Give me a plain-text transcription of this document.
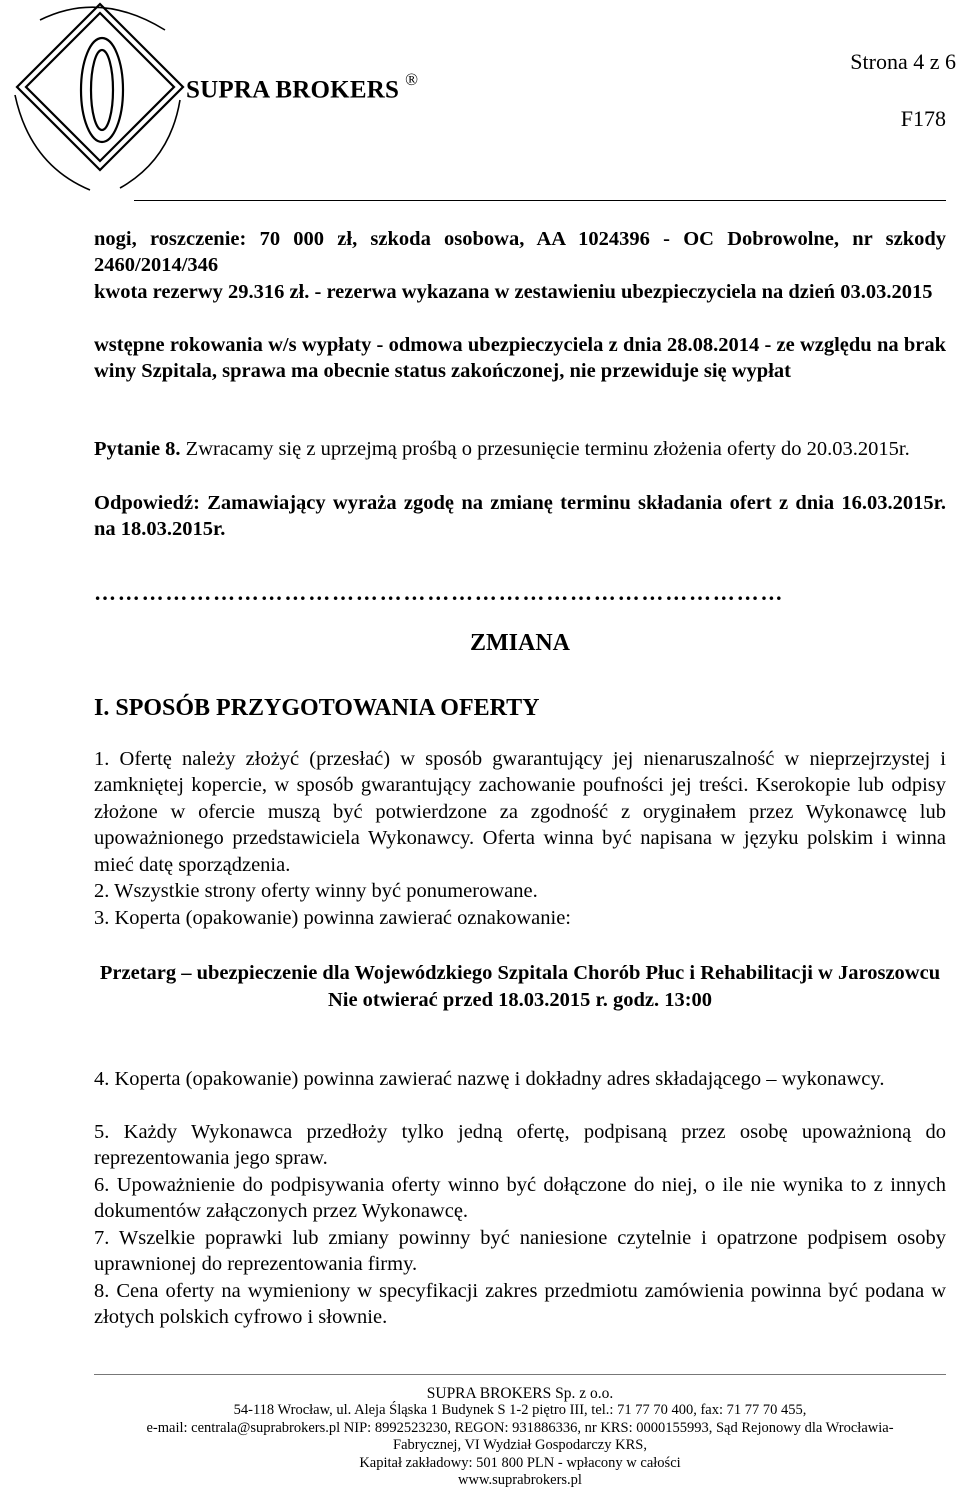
SUPRA BROKERS ®
Strona 4 z 6
F178
nogi, roszczenie: 70 000 zł, szkoda osobowa, AA 1024396 - OC Dobrowolne, nr szkody 2460/2014/346
kwota rezerwy 29.316 zł. - rezerwa wykazana w zestawieniu ubezpieczyciela na dzień 03.03.2015
wstępne rokowania w/s wypłaty - odmowa ubezpieczyciela z dnia 28.08.2014 - ze względu na brak winy Szpitala, sprawa ma obecnie status zakończonej, nie przewiduje się wypłat
Pytanie 8. Zwracamy się z uprzejmą prośbą o przesunięcie terminu złożenia oferty do 20.03.2015r.
Odpowiedź: Zamawiający wyraża zgodę na zmianę terminu składania ofert z dnia 16.03.2015r. na 18.03.2015r.
……………………………………………………………………………
ZMIANA
I. SPOSÓB PRZYGOTOWANIA OFERTY
1. Ofertę należy złożyć (przesłać) w sposób gwarantujący jej nienaruszalność w nieprzejrzystej i zamkniętej kopercie, w sposób gwarantujący zachowanie poufności jej treści. Kserokopie lub odpisy złożone w ofercie muszą być potwierdzone za zgodność z oryginałem przez Wykonawcę lub upoważnionego przedstawiciela Wykonawcy. Oferta winna być napisana w języku polskim i winna mieć datę sporządzenia.
2. Wszystkie strony oferty winny być ponumerowane.
3. Koperta (opakowanie) powinna zawierać oznakowanie:
Przetarg – ubezpieczenie dla Wojewódzkiego Szpitala Chorób Płuc i Rehabilitacji w Jaroszowcu
Nie otwierać przed 18.03.2015 r. godz. 13:00
4. Koperta (opakowanie) powinna zawierać nazwę i dokładny adres składającego – wykonawcy.
5. Każdy Wykonawca przedłoży tylko jedną ofertę, podpisaną przez osobę upoważnioną do reprezentowania jego spraw.
6. Upoważnienie do podpisywania oferty winno być dołączone do niej, o ile nie wynika to z innych dokumentów załączonych przez Wykonawcę.
7. Wszelkie poprawki lub zmiany powinny być naniesione czytelnie i opatrzone podpisem osoby uprawnionej do reprezentowania firmy.
8. Cena oferty na wymieniony w specyfikacji zakres przedmiotu zamówienia powinna być podana w złotych polskich cyfrowo i słownie.
SUPRA BROKERS Sp. z o.o.
54-118 Wrocław, ul. Aleja Śląska 1 Budynek S 1-2 piętro III, tel.: 71 77 70 400, fax: 71 77 70 455,
e-mail: centrala@suprabrokers.pl NIP: 8992523230, REGON: 931886336, nr KRS: 0000155993, Sąd Rejonowy dla Wrocławia-
Fabrycznej, VI Wydział Gospodarczy KRS,
Kapitał zakładowy: 501 800 PLN - wpłacony w całości
www.suprabrokers.pl
